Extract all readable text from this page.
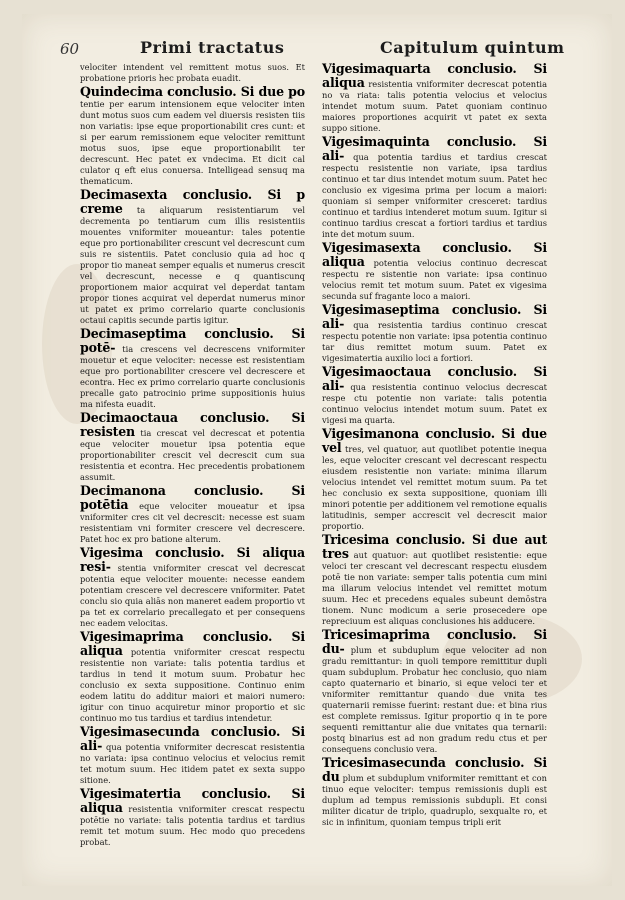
60	Primi tractatus	Capitulum quintum
velociter intendent vel remittent motus suos. Et probatione prioris hec probata euadit.
Quindecima conclusio. Si due po tentie per earum intensionem eque velociter inten dunt motus suos cum eadem vel diuersis resisten tiis non variatis: ipse eque proportionabilit cres cunt: et si per earum remissionem eque velociter remittunt motus suos, ipse eque proportionabilit ter decrescunt. Hec patet ex vndecima. Et dicit cal culator q eft eius conuersa. Intelligead sensuq ma thematicum.
Decimasexta conclusio. Si p creme ta aliquarum resistentiarum vel decrementa po tentiarum cum illis resistentiis mouentes vniformiter moueantur: tales potentie eque pro portionabiliter crescunt vel decrescunt cum suis re sistentiis. Patet conclusio quia ad hoc q propor tio maneat semper equalis et numerus crescit vel decrescunt, necesse e q quantiscunq proportionem maior acquirat vel deperdat tantam propor tiones acquirat vel deperdat numerus minor ut patet ex primo correlario quarte conclusionis octaui capitis secunde partis igitur.
Decimaseptima conclusio. Si potē- tia crescens vel decrescens vniformiter mouetur et eque velociter: necesse est resistentiam eque pro portionabiliter crescere vel decrescere et econtra. Hec ex primo correlario quarte conclusionis precalle gato patrocinio prime suppositionis huius ma nifesta euadit.
Decimaoctaua conclusio. Si resisten tia crescat vel decrescat et potentia eque velociter mouetur ipsa potentia eque proportionabiliter crescit vel decrescit cum sua resistentia et econtra. Hec precedentis probationem assumit.
Decimanona conclusio. Si potētia eque velociter moueatur et ipsa vniformiter cres cit vel decrescit: necesse est suam resistentiam vni formiter crescere vel decrescere. Patet hoc ex pro batione alterum.
Vigesima conclusio. Si aliqua resi- stentia vniformiter crescat vel decrescat potentia eque velociter mouente: necesse eandem potentiam crescere vel decrescere vniformiter. Patet conclu sio quia aliās non maneret eadem proportio vt pa tet ex correlario precallegato et per consequens nec eadem velocitas.
Vigesimaprima conclusio. Si aliqua potentia vniformiter crescat respectu resistentie non variate: talis potentia tardius et tardius in tend it motum suum. Probatur hec conclusio ex sexta suppositione. Continuo enim eodem latitu do additur maiori et maiori numero: igitur con tinuo acquiretur minor proportio et sic continuo mo tus tardius et tardius intendetur.
Vigesimasecunda conclusio. Si ali- qua potentia vniformiter decrescat resistentia no variata: ipsa continuo velocius et velocius remit tet motum suum. Hec itidem patet ex sexta suppo sitione.
Vigesimatertia conclusio. Si aliqua resistentia vniformiter crescat respectu potētie no variate: talis potentia tardius et tardius remit tet motum suum. Hec modo quo precedens probat.
Vigesimaquarta conclusio. Si aliqua resistentia vniformiter decrescat potentia no va riata: talis potentia velocius et velocius intendet motum suum. Patet quoniam continuo maiores proportiones acquirit vt patet ex sexta suppo sitione.
Vigesimaquinta conclusio. Si ali- qua potentia tardius et tardius crescat respectu resistentie non variate, ipsa tardius continuo et tar dius intendet motum suum. Patet hec conclusio ex vigesima prima per locum a maiori: quoniam si semper vniformiter cresceret: tardius continuo et tardius intenderet motum suum. Igitur si continuo tardius crescat a fortiori tardius et tardius inte det motum suum.
Vigesimasexta conclusio. Si aliqua potentia velocius continuo decrescat respectu re sistentie non variate: ipsa continuo velocius remit tet motum suum. Patet ex vigesima secunda suf fragante loco a maiori.
Vigesimaseptima conclusio. Si ali- qua resistentia tardius continuo crescat respectu potentie non variate: ipsa potentia continuo tar dius remittet motum suum. Patet ex vigesimatertia auxilio loci a fortiori.
Vigesimaoctaua conclusio. Si ali- qua resistentia continuo velocius decrescat respe ctu potentie non variate: talis potentia continuo velocius intendet motum suum. Patet ex vigesi ma quarta.
Vigesimanona conclusio. Si due vel tres, vel quatuor, aut quotlibet potentie inequa les, eque velociter crescant vel decrescant respectu eiusdem resistentie non variate: minima illarum velocius intendet vel remittet motum suum. Pa tet hec conclusio ex sexta suppositione, quoniam illi minori potentie per additionem vel remotione equalis latitudinis, semper accrescit vel decrescit maior proportio.
Tricesima conclusio. Si due aut tres aut quatuor: aut quotlibet resistentie: eque veloci ter crescant vel decrescant respectu eiusdem potē tie non variate: semper talis potentia cum mini ma illarum velocius intendet vel remittet motum suum. Hec et precedens equales subeunt demōstra tionem. Nunc modicum a serie prosecedere ope repreciuum est aliquas conclusiones his adducere.
Tricesimaprima conclusio. Si du- plum et subduplum eque velociter ad non gradu remittantur: in quoli tempore remittitur dupli quam subduplum. Probatur hec conclusio, quo niam capto quaternario et binario, si eque veloci ter et vniformiter remittantur quando due vnita tes quaternarii remisse fuerint: restant due: et bina rius est complete remissus. Igitur proportio q in te pore sequenti remittantur alie due vnitates qua ternarii: postq binarius est ad non gradum redu ctus et per consequens conclusio vera.
Tricesimasecunda conclusio. Si du plum et subduplum vniformiter remittant et con tinuo eque velociter: tempus remissionis dupli est duplum ad tempus remissionis subdupli. Et consi militer dicatur de triplo, quadruplo, sexqualte ro, et sic in infinitum, quoniam tempus tripli erit
